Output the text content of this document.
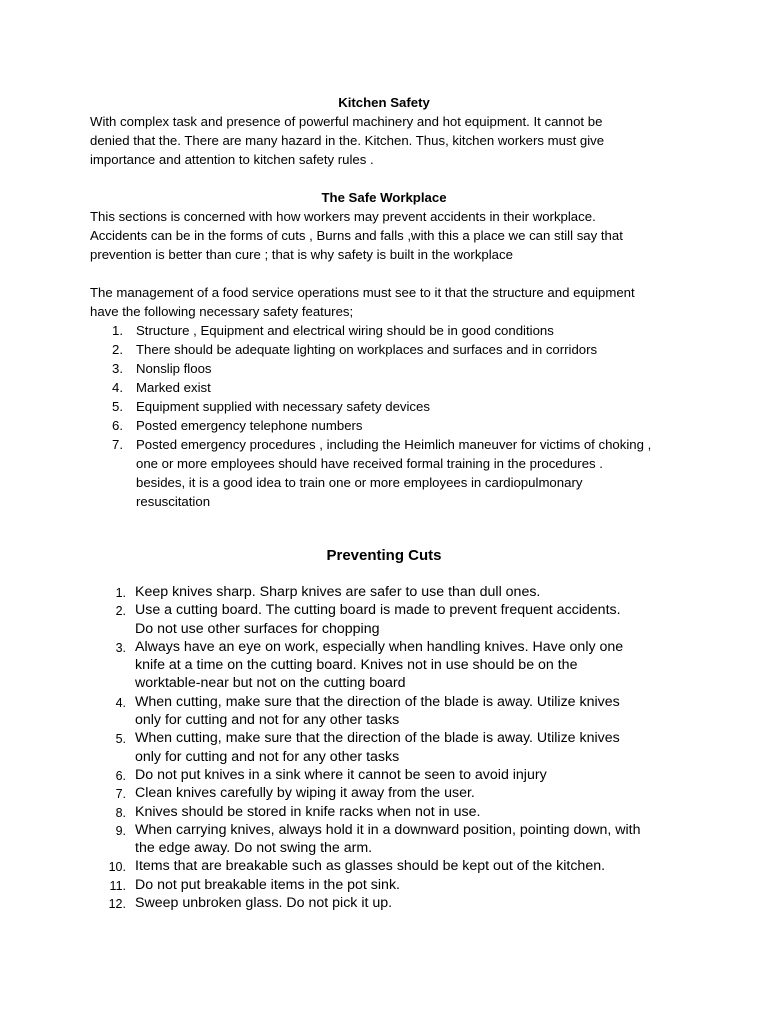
Kitchen Safety
With complex task and presence of powerful machinery and hot equipment. It cannot be
denied that the. There are many hazard in the. Kitchen. Thus, kitchen workers must give
importance and attention to kitchen safety rules .
The Safe Workplace
This sections is concerned with how workers may prevent accidents in their workplace.
Accidents can be in the forms of cuts , Burns and falls ,with this a place we can still say that
prevention is better than cure ; that is why safety is built in the workplace
The management of a food service operations must see to it that the structure and equipment
have the following necessary safety features;
1. Structure , Equipment and electrical wiring should be in good conditions
2. There should be adequate lighting on workplaces and surfaces and in corridors
3. Nonslip floos
4. Marked exist
5. Equipment supplied with necessary safety devices
6. Posted emergency telephone numbers
7. Posted emergency procedures , including the Heimlich maneuver for victims of choking ,
one or more employees should have received formal training in the procedures .
besides, it is a good idea to train one or more employees in cardiopulmonary
resuscitation
Preventing Cuts
1. Keep knives sharp. Sharp knives are safer to use than dull ones.
2. Use a cutting board. The cutting board is made to prevent frequent accidents.
Do not use other surfaces for chopping
3. Always have an eye on work, especially when handling knives. Have only one
knife at a time on the cutting board. Knives not in use should be on the
worktable-near but not on the cutting board
4. When cutting, make sure that the direction of the blade is away. Utilize knives
only for cutting and not for any other tasks
5. When cutting, make sure that the direction of the blade is away. Utilize knives
only for cutting and not for any other tasks
6. Do not put knives in a sink where it cannot be seen to avoid injury
7. Clean knives carefully by wiping it away from the user.
8. Knives should be stored in knife racks when not in use.
9. When carrying knives, always hold it in a downward position, pointing down, with
the edge away. Do not swing the arm.
10. Items that are breakable such as glasses should be kept out of the kitchen.
11. Do not put breakable items in the pot sink.
12. Sweep unbroken glass. Do not pick it up.
